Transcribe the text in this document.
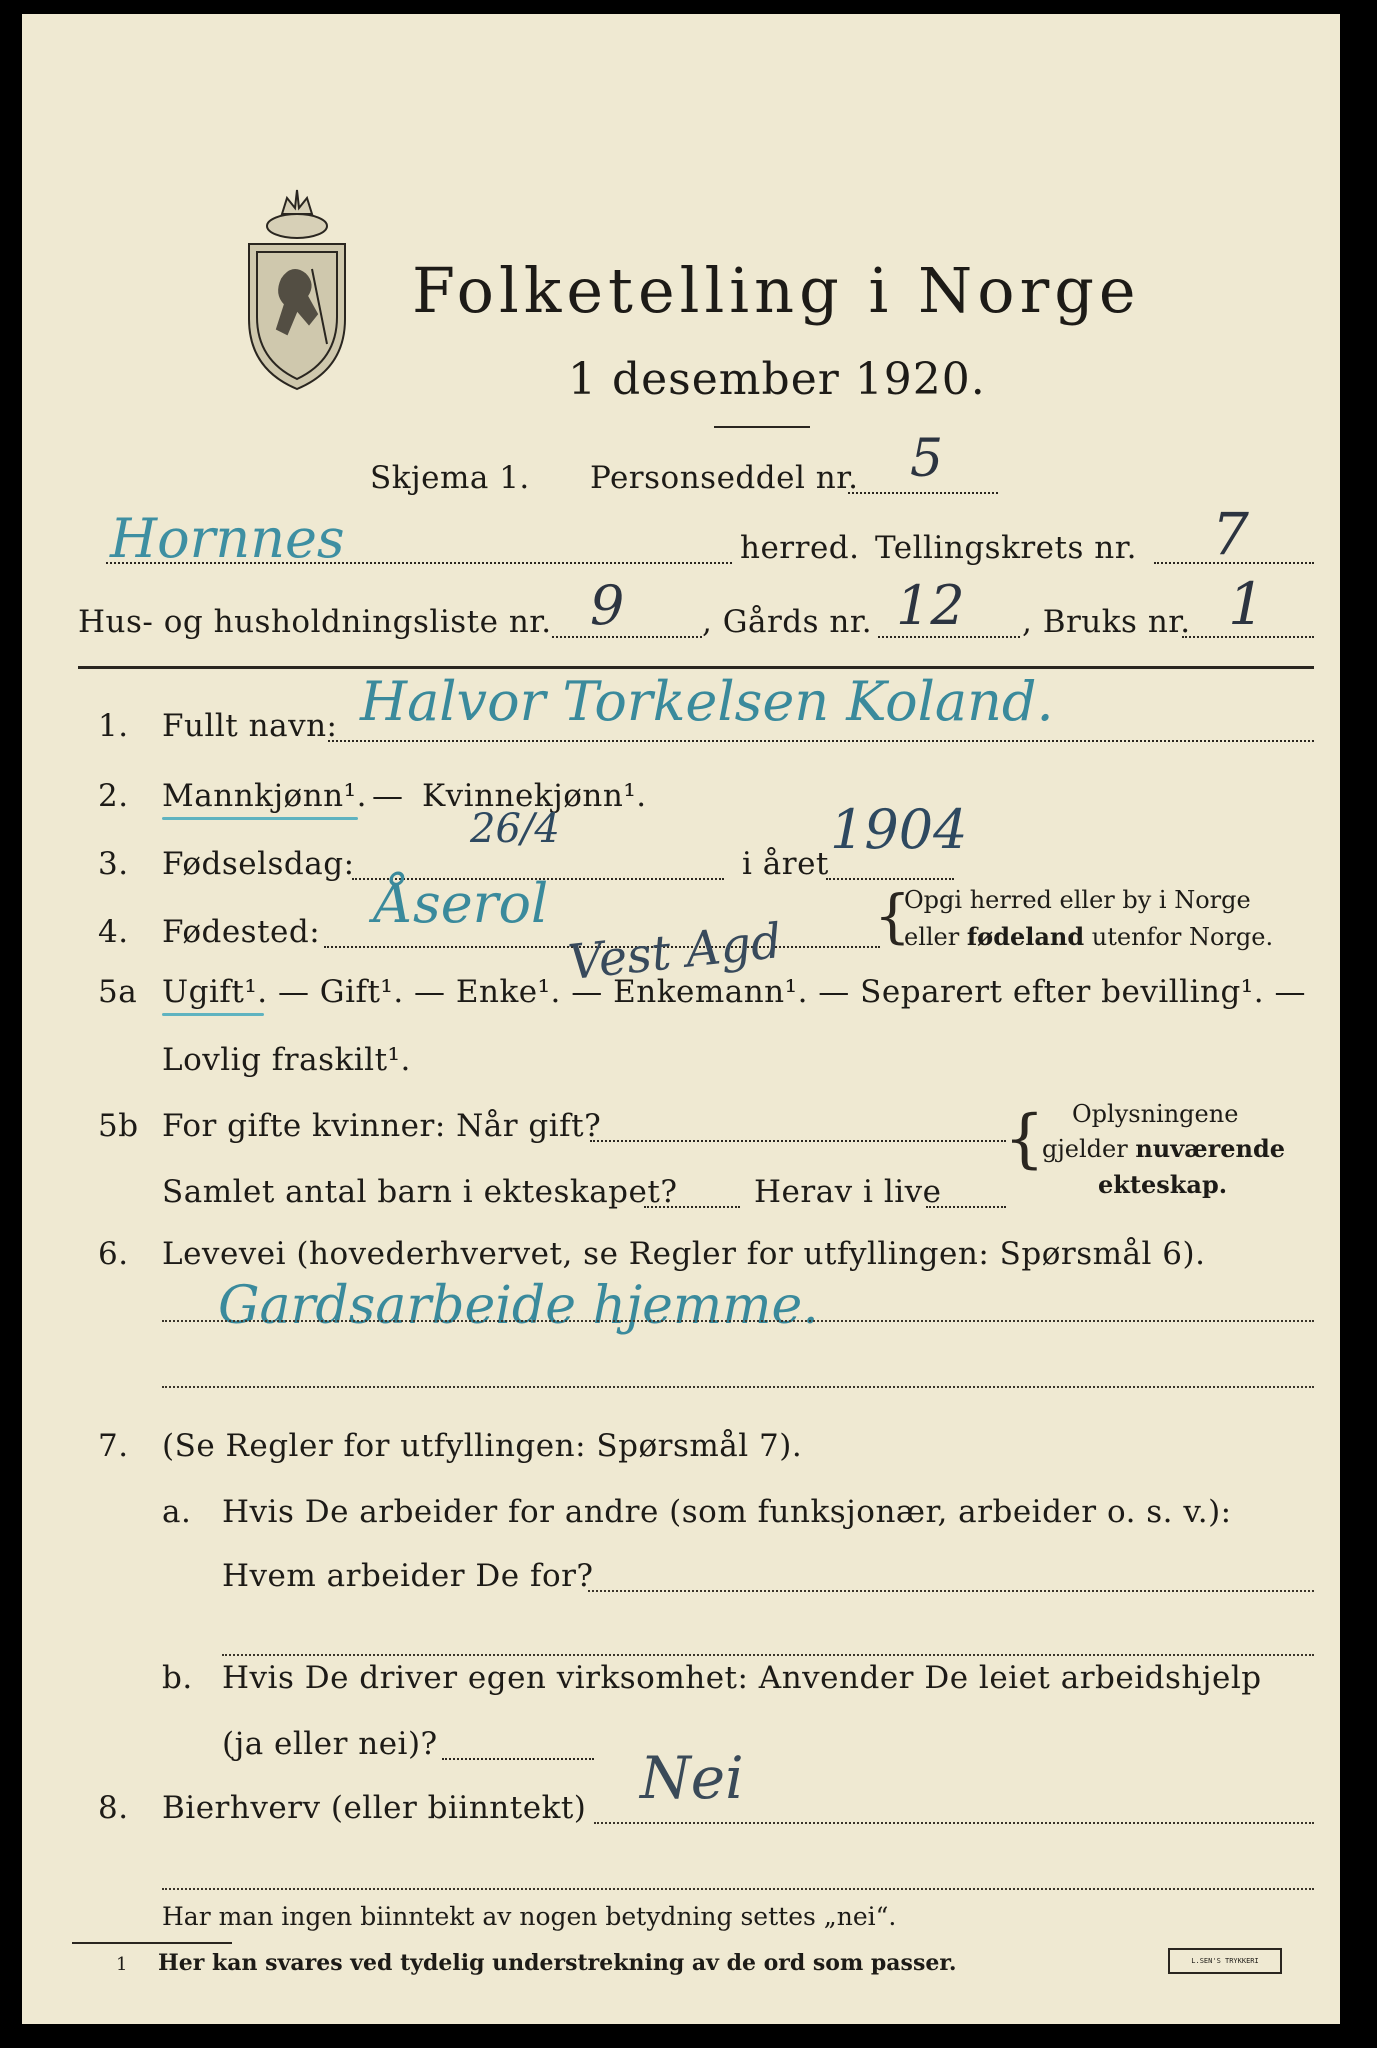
Folketelling i Norge
1 desember 1920.
Skjema 1. Personseddel nr. 5
Hornnes	herred. Tellingskrets nr. 7
Hus- og husholdningsliste nr. 9	, Gårds nr. 12 , Bruks nr. 1
1. Fullt navn: Halvor Torkelsen Koland.
2. Mannkjønn¹. — Kvinnekjønn¹.
3. Fødselsdag:
26/4
i året
1904
4. Fødested: Åserol
Vest Agd {
Opgi herred eller by i Norge
eller fødeland utenfor Norge.
5a Ugift¹. — Gift¹. — Enke¹. — Enkemann¹. — Separert efter bevilling¹. —
Lovlig fraskilt¹.
5b For gifte kvinner: Når gift?
Samlet antal barn i ekteskapet? Herav i live
{ Oplysningene
gjelder nuværende
ekteskap.
6. Levevei (hovederhvervet, se Regler for utfyllingen: Spørsmål 6).
Gardsarbeide hjemme.
7. (Se Regler for utfyllingen: Spørsmål 7).
a. Hvis De arbeider for andre (som funksjonær, arbeider o. s. v.):
Hvem arbeider De for?
b. Hvis De driver egen virksomhet: Anvender De leiet arbeidshjelp
(ja eller nei)?
8. Bierhverv (eller biinntekt) Nei
Har man ingen biinntekt av nogen betydning settes „nei“.
1 Her kan svares ved tydelig understrekning av de ord som passer.	L.SEN'S TRYKKERI
